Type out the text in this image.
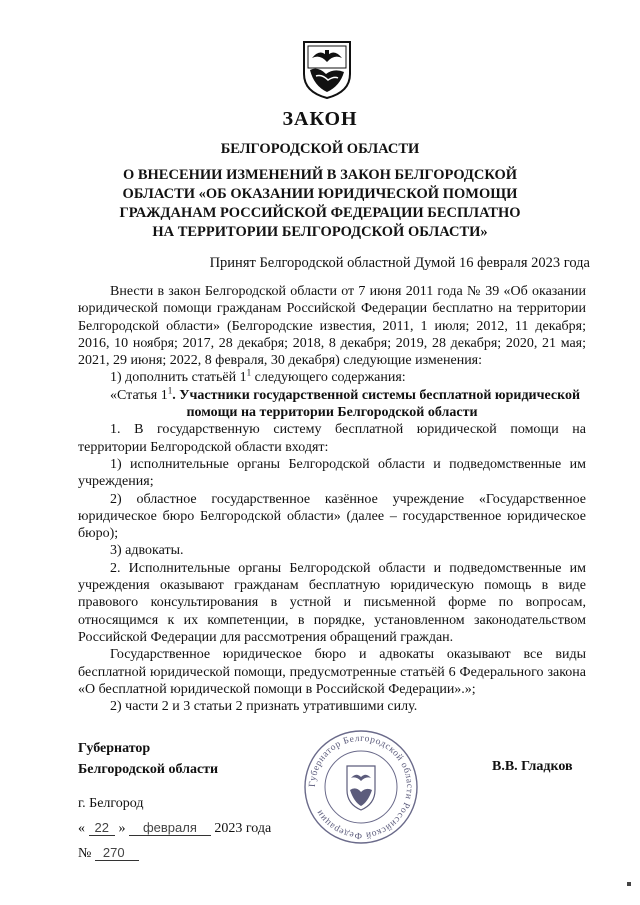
ЗАКОН
БЕЛГОРОДСКОЙ ОБЛАСТИ
О ВНЕСЕНИИ ИЗМЕНЕНИЙ В ЗАКОН БЕЛГОРОДСКОЙ
ОБЛАСТИ «ОБ ОКАЗАНИИ ЮРИДИЧЕСКОЙ ПОМОЩИ
ГРАЖДАНАМ РОССИЙСКОЙ ФЕДЕРАЦИИ БЕСПЛАТНО
НА ТЕРРИТОРИИ БЕЛГОРОДСКОЙ ОБЛАСТИ»
Принят Белгородской областной Думой 16 февраля 2023 года

Внести в закон Белгородской области от 7 июня 2011 года № 39 «Об оказании юридической помощи гражданам Российской Федерации бесплатно на территории Белгородской области» (Белгородские известия, 2011, 1 июля; 2012, 11 декабря; 2016, 10 ноября; 2017, 28 декабря; 2018, 8 декабря; 2019, 28 декабря; 2020, 21 мая; 2021, 29 июня; 2022, 8 февраля, 30 декабря) следующие изменения:

1) дополнить статьёй $1^1$ следующего содержания:

«Статья $1^1$. Участники государственной системы бесплатной юридической

помощи на территории Белгородской области

1. В государственную систему бесплатной юридической помощи на территории Белгородской области входят:

1) исполнительные органы Белгородской области и подведомственные им учреждения;

2) областное государственное казённое учреждение «Государственное юридическое бюро Белгородской области» (далее – государственное юридическое бюро);

3) адвокаты.

2. Исполнительные органы Белгородской области и подведомственные им учреждения оказывают гражданам бесплатную юридическую помощь в виде правового консультирования в устной и письменной форме по вопросам, относящимся к их компетенции, в порядке, установленном законодательством Российской Федерации для рассмотрения обращений граждан.

Государственное юридическое бюро и адвокаты оказывают все виды бесплатной юридической помощи, предусмотренные статьёй 6 Федерального закона «О бесплатной юридической помощи в Российской Федерации».»;

2) части 2 и 3 статьи 2 признать утратившими силу.

Губернатор
Белгородской области	В.В. Гладков
Губернатор Белгородской области Российской Федерации
г. Белгород
« 22 » февраля 2023 года
№ 270
